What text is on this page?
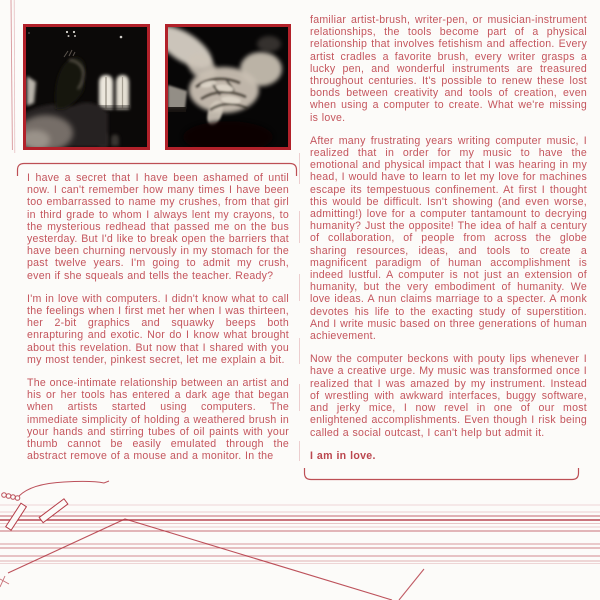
I have a secret that I have been ashamed of until now. I can't remember how many times I have been too embarrassed to name my crushes, from that girl in third grade to whom I always lent my crayons, to the mysterious redhead that passed me on the bus yesterday. But I'd like to break open the barriers that have been churning nervously in my stomach for the past twelve years. I'm going to admit my crush, even if she squeals and tells the teacher. Ready?

I'm in love with computers. I didn't know what to call the feelings when I first met her when I was thirteen, her 2-bit graphics and squawky beeps both enrapturing and exotic. Nor do I know what brought about this revelation. But now that I shared with you my most tender, pinkest secret, let me explain a bit.

The once-intimate relationship between an artist and his or her tools has entered a dark age that began when artists started using computers. The immediate simplicity of holding a weathered brush in your hands and stirring tubes of oil paints with your thumb cannot be easily emulated through the abstract remove of a mouse and a monitor. In the

familiar artist-brush, writer-pen, or musician-instrument relationships, the tools become part of a physical relationship that involves fetishism and affection. Every artist cradles a favorite brush, every writer grasps a lucky pen, and wonderful instruments are treasured throughout centuries. It's possible to renew these lost bonds between creativity and tools of creation, even when using a computer to create. What we're missing is love.

After many frustrating years writing computer music, I realized that in order for my music to have the emotional and physical impact that I was hearing in my head, I would have to learn to let my love for machines escape its tempestuous confinement. At first I thought this would be difficult. Isn't showing (and even worse, admitting!) love for a computer tantamount to decrying humanity? Just the opposite! The idea of half a century of collaboration, of people from across the globe sharing resources, ideas, and tools to create a magnificent paradigm of human accomplishment is indeed lustful. A computer is not just an extension of humanity, but the very embodiment of humanity. We love ideas. A nun claims marriage to a specter. A monk devotes his life to the exacting study of superstition. And I write music based on three generations of human achievement.

Now the computer beckons with pouty lips whenever I have a creative urge. My music was transformed once I realized that I was amazed by my instrument. Instead of wrestling with awkward interfaces, buggy software, and jerky mice, I now revel in one of our most enlightened accomplishments. Even though I risk being called a social outcast, I can't help but admit it.

I am in love.
